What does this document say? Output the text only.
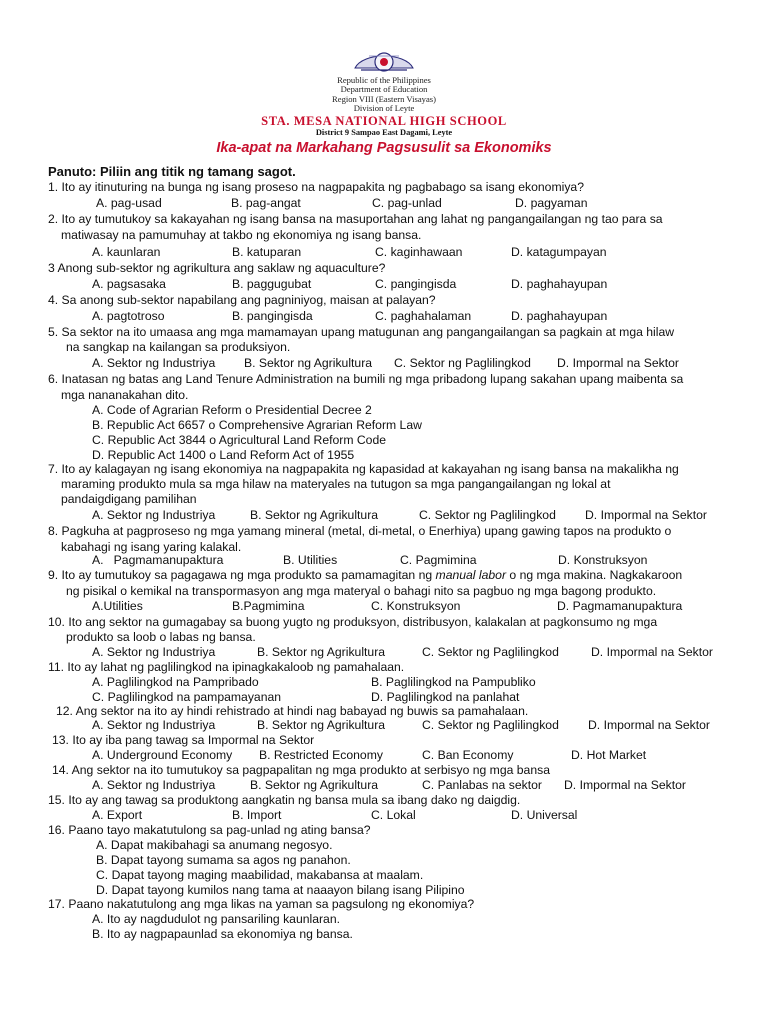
Republic of the Philippines
Department of Education
Region VIII (Eastern Visayas)
Division of Leyte
STA. MESA NATIONAL HIGH SCHOOL
District 9 Sampao East Dagami, Leyte
Ika-apat na Markahang Pagsusulit sa Ekonomiks
Panuto: Piliin ang titik ng tamang sagot.
1. Ito ay itinuturing na bunga ng isang proseso na nagpapakita ng pagbabago sa isang ekonomiya?
A. pag-usad	B. pag-angat	C. pag-unlad	D. pagyaman
2. Ito ay tumutukoy sa kakayahan ng isang bansa na masuportahan ang lahat ng pangangailangan ng tao para sa
matiwasay na pamumuhay at takbo ng ekonomiya ng isang bansa.
A. kaunlaran	B. katuparan	C. kaginhawaan	D. katagumpayan
3 Anong sub-sektor ng agrikultura ang saklaw ng aquaculture?
A. pagsasaka	B. paggugubat	C. pangingisda	D. paghahayupan
4. Sa anong sub-sektor napabilang ang pagniniyog, maisan at palayan?
A. pagtotroso	B. pangingisda	C. paghahalaman	D. paghahayupan
5. Sa sektor na ito umaasa ang mga mamamayan upang matugunan ang pangangailangan sa pagkain at mga hilaw
na sangkap na kailangan sa produksiyon.
A. Sektor ng Industriya B. Sektor ng Agrikultura C. Sektor ng Paglilingkod D. Impormal na Sektor
6. Inatasan ng batas ang Land Tenure Administration na bumili ng mga pribadong lupang sakahan upang maibenta sa
mga nananakahan dito.
A. Code of Agrarian Reform o Presidential Decree 2
B. Republic Act 6657 o Comprehensive Agrarian Reform Law
C. Republic Act 3844 o Agricultural Land Reform Code
D. Republic Act 1400 o Land Reform Act of 1955
7. Ito ay kalagayan ng isang ekonomiya na nagpapakita ng kapasidad at kakayahan ng isang bansa na makalikha ng
maraming produkto mula sa mga hilaw na materyales na tutugon sa mga pangangailangan ng lokal at
pandaigdigang pamilihan
A. Sektor ng Industriya	B. Sektor ng Agrikultura	C. Sektor ng Paglilingkod D. Impormal na Sektor
8. Pagkuha at pagproseso ng mga yamang mineral (metal, di-metal, o Enerhiya) upang gawing tapos na produkto o
kabahagi ng isang yaring kalakal.
A.   Pagmamanupaktura	B. Utilities	C. Pagmimina	D. Konstruksyon
9. Ito ay tumutukoy sa pagagawa ng mga produkto sa pamamagitan ng manual labor o ng mga makina. Nagkakaroon
ng pisikal o kemikal na transpormasyon ang mga materyal o bahagi nito sa pagbuo ng mga bagong produkto.
A.Utilities	B.Pagmimina	C. Konstruksyon	D. Pagmamanupaktura
10. Ito ang sektor na gumagabay sa buong yugto ng produksyon, distribusyon, kalakalan at pagkonsumo ng mga
produkto sa loob o labas ng bansa.
A. Sektor ng Industriya	B. Sektor ng Agrikultura	C. Sektor ng Paglilingkod	D. Impormal na Sektor
11. Ito ay lahat ng paglilingkod na ipinagkakaloob ng pamahalaan.
A. Paglilingkod na Pampribado	B. Paglilingkod na Pampubliko
C. Paglilingkod na pampamayanan	D. Paglilingkod na panlahat
12. Ang sektor na ito ay hindi rehistrado at hindi nag babayad ng buwis sa pamahalaan.
A. Sektor ng Industriya	B. Sektor ng Agrikultura	C. Sektor ng Paglilingkod D. Impormal na Sektor
13. Ito ay iba pang tawag sa Impormal na Sektor
A. Underground Economy B. Restricted Economy	C. Ban Economy	D. Hot Market
14. Ang sektor na ito tumutukoy sa pagpapalitan ng mga produkto at serbisyo ng mga bansa
A. Sektor ng Industriya	B. Sektor ng Agrikultura	C. Panlabas na sektor D. Impormal na Sektor
15. Ito ay ang tawag sa produktong aangkatin ng bansa mula sa ibang dako ng daigdig.
A. Export	B. Import	C. Lokal	D. Universal
16. Paano tayo makatutulong sa pag-unlad ng ating bansa?
A. Dapat makibahagi sa anumang negosyo.
B. Dapat tayong sumama sa agos ng panahon.
C. Dapat tayong maging maabilidad, makabansa at maalam.
D. Dapat tayong kumilos nang tama at naaayon bilang isang Pilipino
17. Paano nakatutulong ang mga likas na yaman sa pagsulong ng ekonomiya?
A. Ito ay nagdudulot ng pansariling kaunlaran.
B. Ito ay nagpapaunlad sa ekonomiya ng bansa.
